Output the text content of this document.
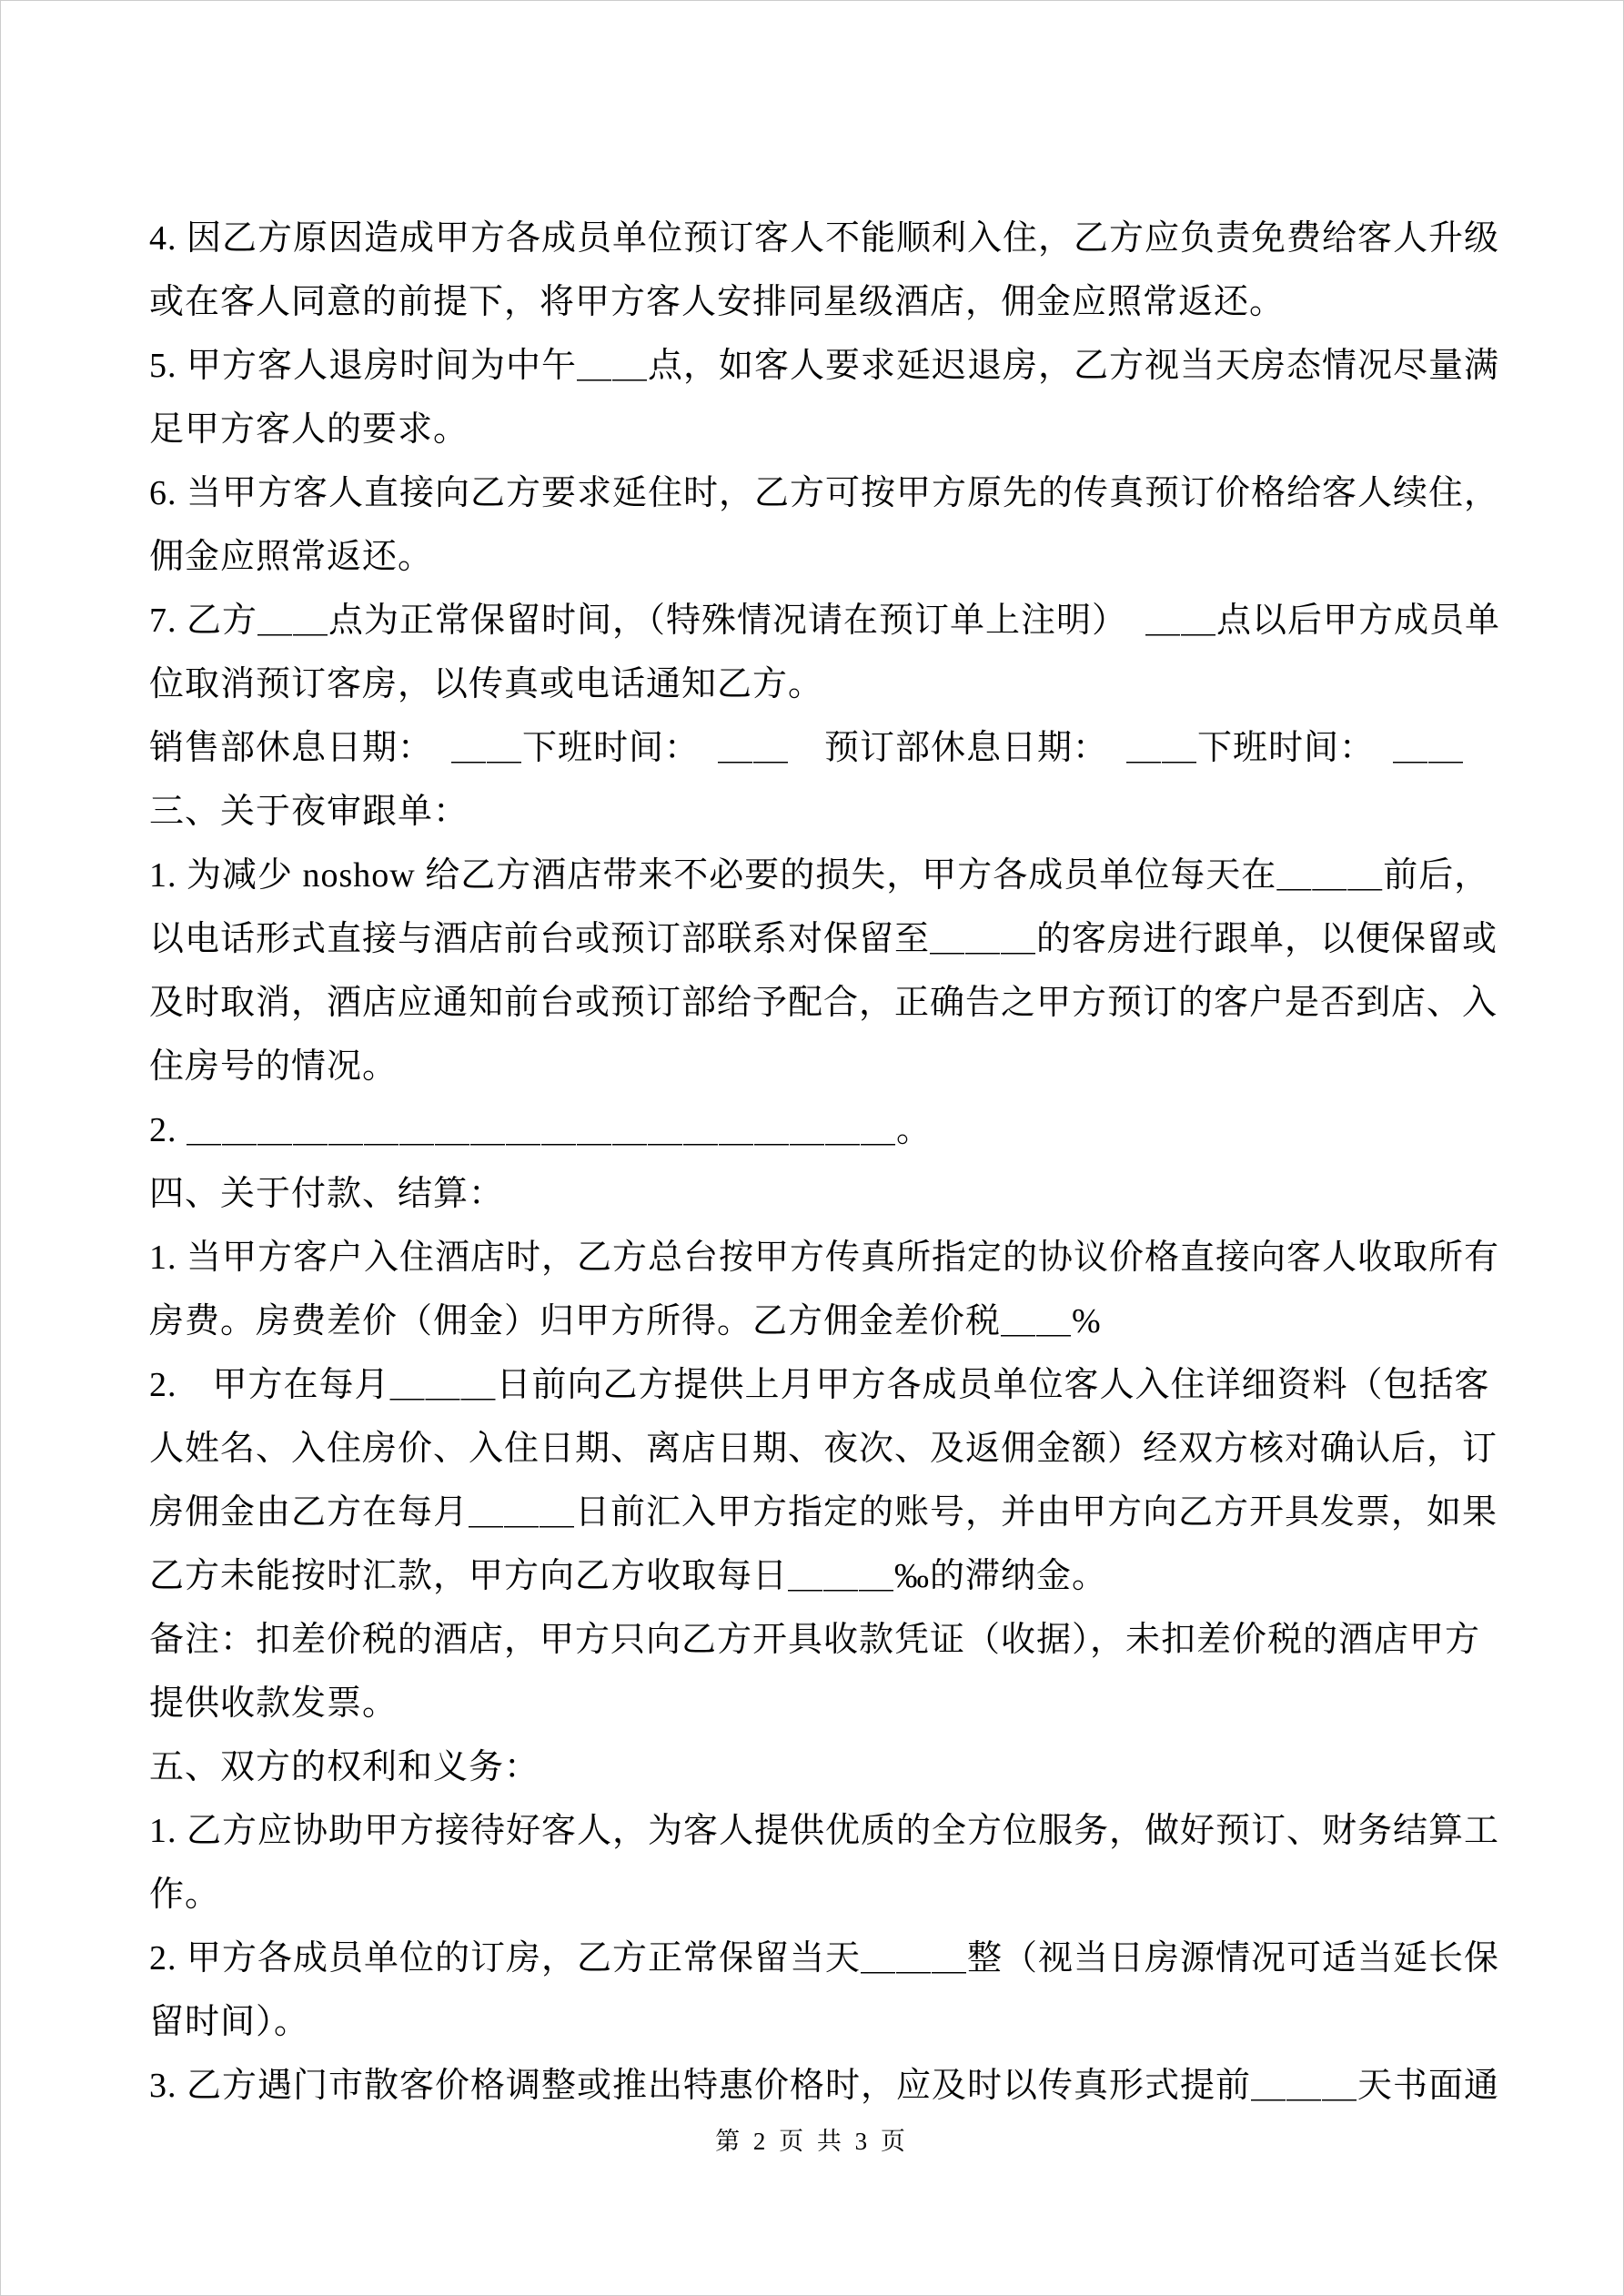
4. 因乙方原因造成甲方各成员单位预订客人不能顺利入住，乙方应负责免费给客人升级
或在客人同意的前提下，将甲方客人安排同星级酒店，佣金应照常返还。
5. 甲方客人退房时间为中午＿＿点，如客人要求延迟退房，乙方视当天房态情况尽量满
足甲方客人的要求。
6. 当甲方客人直接向乙方要求延住时，乙方可按甲方原先的传真预订价格给客人续住，
佣金应照常返还。
7. 乙方＿＿点为正常保留时间，（特殊情况请在预订单上注明）　＿＿点以后甲方成员单
位取消预订客房，以传真或电话通知乙方。
销售部休息日期：　＿＿下班时间：　＿＿　预订部休息日期：　＿＿下班时间：　＿＿
三、关于夜审跟单：
1. 为减少 noshow 给乙方酒店带来不必要的损失，甲方各成员单位每天在＿＿＿前后，
以电话形式直接与酒店前台或预订部联系对保留至＿＿＿的客房进行跟单，以便保留或
及时取消，酒店应通知前台或预订部给予配合，正确告之甲方预订的客户是否到店、入
住房号的情况。
2. ＿＿＿＿＿＿＿＿＿＿＿＿＿＿＿＿＿＿＿＿。
四、关于付款、结算：
1. 当甲方客户入住酒店时，乙方总台按甲方传真所指定的协议价格直接向客人收取所有
房费。房费差价（佣金）归甲方所得。乙方佣金差价税＿＿%
2.　甲方在每月＿＿＿日前向乙方提供上月甲方各成员单位客人入住详细资料（包括客
人姓名、入住房价、入住日期、离店日期、夜次、及返佣金额）经双方核对确认后，订
房佣金由乙方在每月＿＿＿日前汇入甲方指定的账号，并由甲方向乙方开具发票，如果
乙方未能按时汇款，甲方向乙方收取每日＿＿＿‰的滞纳金。
备注：扣差价税的酒店，甲方只向乙方开具收款凭证（收据），未扣差价税的酒店甲方
提供收款发票。
五、双方的权利和义务：
1. 乙方应协助甲方接待好客人，为客人提供优质的全方位服务，做好预订、财务结算工
作。
2. 甲方各成员单位的订房，乙方正常保留当天＿＿＿整（视当日房源情况可适当延长保
留时间）。
3. 乙方遇门市散客价格调整或推出特惠价格时，应及时以传真形式提前＿＿＿天书面通
第 2 页 共 3 页
